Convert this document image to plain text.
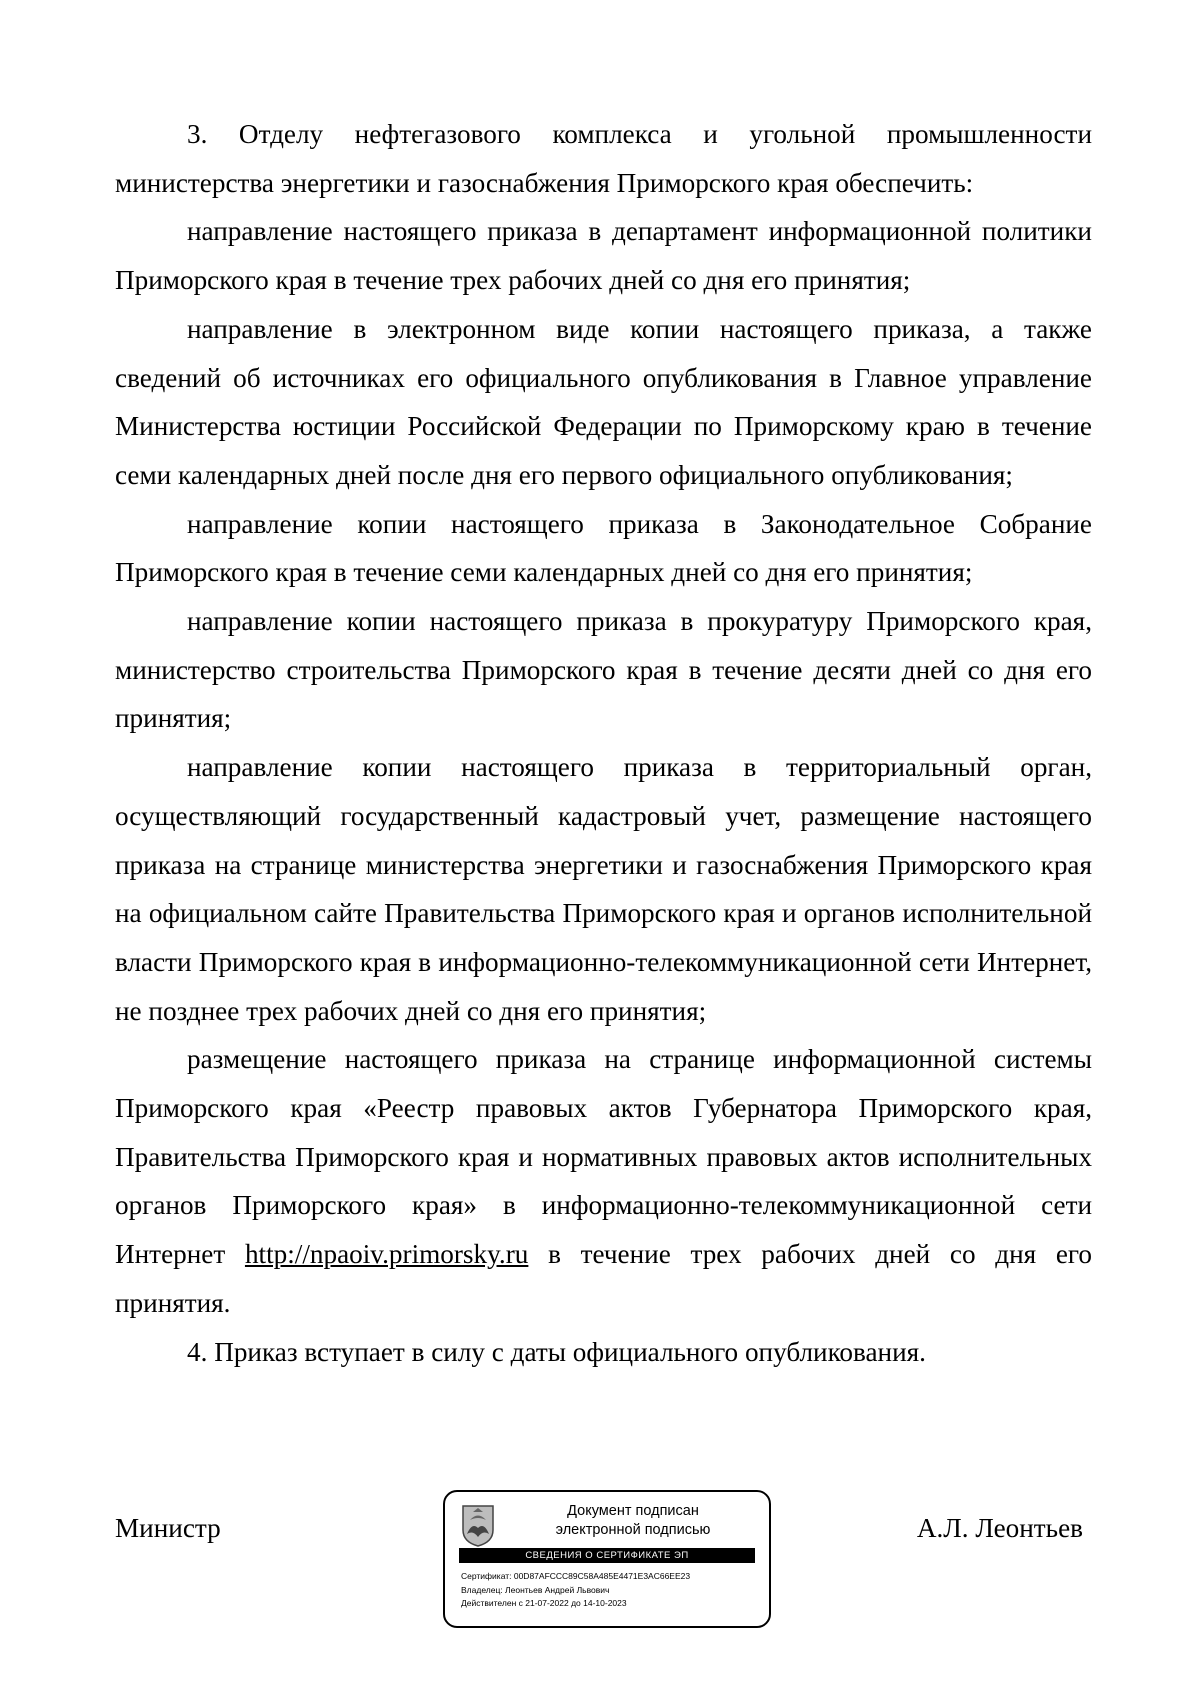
3. Отделу нефтегазового комплекса и угольной промышленности министерства энергетики и газоснабжения Приморского края обеспечить:

направление настоящего приказа в департамент информационной политики Приморского края в течение трех рабочих дней со дня его принятия;

направление в электронном виде копии настоящего приказа, а также сведений об источниках его официального опубликования в Главное управление Министерства юстиции Российской Федерации по Приморскому краю в течение семи календарных дней после дня его первого официального опубликования;

направление копии настоящего приказа в Законодательное Собрание Приморского края в течение семи календарных дней со дня его принятия;

направление копии настоящего приказа в прокуратуру Приморского края, министерство строительства Приморского края в течение десяти дней со дня его принятия;

направление копии настоящего приказа в территориальный орган, осуществляющий государственный кадастровый учет, размещение настоящего приказа на странице министерства энергетики и газоснабжения Приморского края на официальном сайте Правительства Приморского края и органов исполнительной власти Приморского края в информационно-телекоммуникационной сети Интернет, не позднее трех рабочих дней со дня его принятия;

размещение настоящего приказа на странице информационной системы Приморского края «Реестр правовых актов Губернатора Приморского края, Правительства Приморского края и нормативных правовых актов исполнительных органов Приморского края» в информационно-телекоммуникационной сети Интернет http://npaoiv.primorsky.ru в течение трех рабочих дней со дня его принятия.

4. Приказ вступает в силу с даты официального опубликования.

Министр
Документ подписан
электронной подписью
СВЕДЕНИЯ О СЕРТИФИКАТЕ ЭП
Сертификат: 00D87AFCCC89C58A485E4471E3AC66EE23
Владелец: Леонтьев Андрей Львович
Действителен с 21-07-2022 до 14-10-2023
А.Л. Леонтьев
